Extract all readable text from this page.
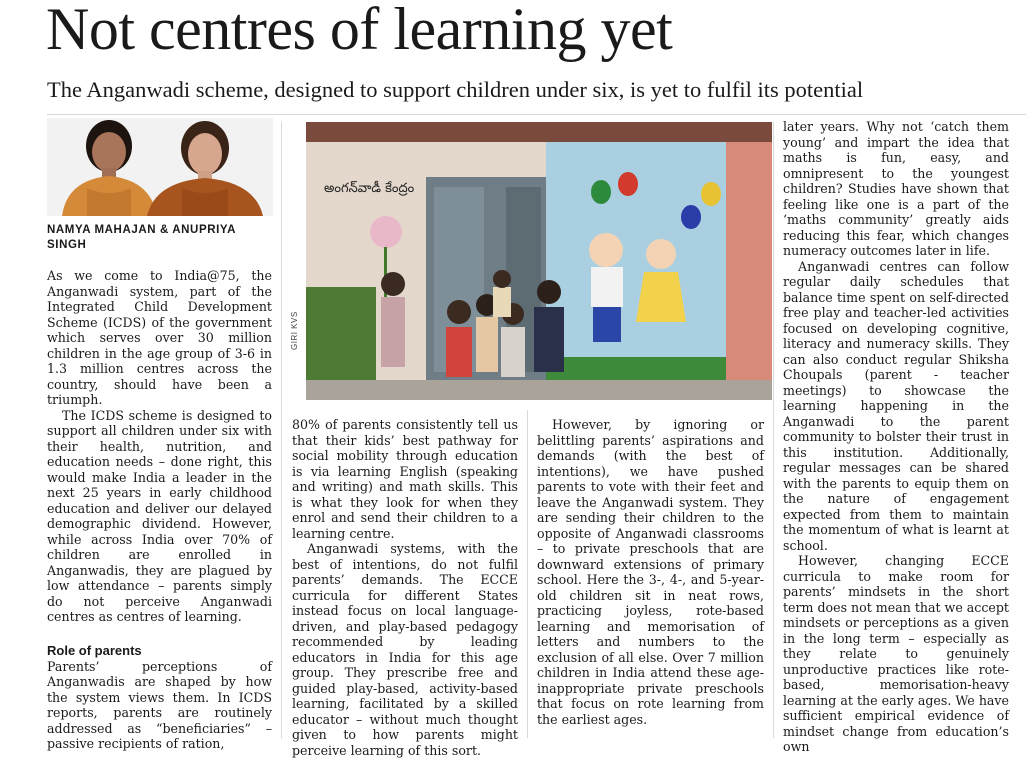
Not centres of learning yet
The Anganwadi scheme, designed to support children under six, is yet to fulfil its potential
NAMYA MAHAJAN & ANUPRIYA SINGH

As we come to India@75, the Anganwadi system, part of the Integrated Child Development Scheme (ICDS) of the government which serves over 30 million children in the age group of 3-6 in 1.3 million centres across the country, should have been a triumph.

The ICDS scheme is designed to support all children under six with their health, nutrition, and education needs – done right, this would make India a leader in the next 25 years in early childhood education and deliver our delayed demographic dividend. However, while across India over 70% of children are enrolled in Anganwadis, they are plagued by low attendance – parents simply do not perceive Anganwadi centres as centres of learning.

Role of parents

Parents’ perceptions of Anganwadis are shaped by how the system views them. In ICDS reports, parents are routinely addressed as “beneficiaries” – passive recipients of ration,

అంగన్‌వాడీ కేంద్రం
GIRI KVS

80% of parents consistently tell us that their kids’ best pathway for social mobility through education is via learning English (speaking and writing) and math skills. This is what they look for when they enrol and send their children to a learning centre.

Anganwadi systems, with the best of intentions, do not fulfil parents’ demands. The ECCE curricula for different States instead focus on local language-driven, and play-based pedagogy recommended by leading educators in India for this age group. They prescribe free and guided play-based, activity-based learning, facilitated by a skilled educator – without much thought given to how parents might perceive learning of this sort.

However, by ignoring or belittling parents’ aspirations and demands (with the best of intentions), we have pushed parents to vote with their feet and leave the Anganwadi system. They are sending their children to the opposite of Anganwadi classrooms – to private preschools that are downward extensions of primary school. Here the 3-, 4-, and 5-year-old children sit in neat rows, practicing joyless, rote-based learning and memorisation of letters and numbers to the exclusion of all else. Over 7 million children in India attend these age-inappropriate private preschools that focus on rote learning from the earliest ages.

later years. Why not ‘catch them young’ and impart the idea that maths is fun, easy, and omnipresent to the youngest children? Studies have shown that feeling like one is a part of the ‘maths community’ greatly aids reducing this fear, which changes numeracy outcomes later in life.

Anganwadi centres can follow regular daily schedules that balance time spent on self-directed free play and teacher-led activities focused on developing cognitive, literacy and numeracy skills. They can also conduct regular Shiksha Choupals (parent - teacher meetings) to showcase the learning happening in the Anganwadi to the parent community to bolster their trust in this institution. Additionally, regular messages can be shared with the parents to equip them on the nature of engagement expected from them to maintain the momentum of what is learnt at school.

However, changing ECCE curricula to make room for parents’ mindsets in the short term does not mean that we accept mindsets or perceptions as a given in the long term – especially as they relate to genuinely unproductive practices like rote-based, memorisation-heavy learning at the early ages. We have sufficient empirical evidence of mindset change from education’s own
